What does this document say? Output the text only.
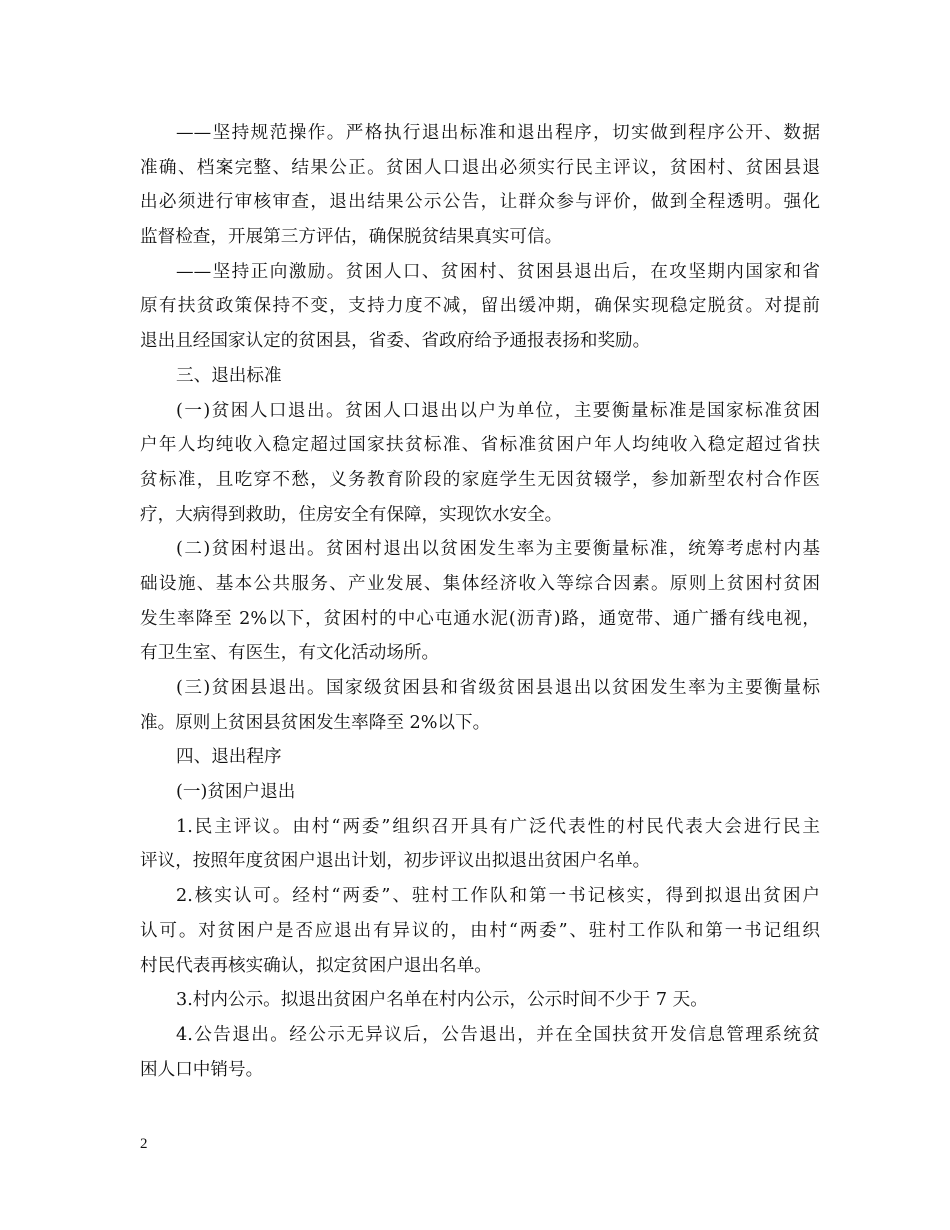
——坚持规范操作。严格执行退出标准和退出程序，切实做到程序公开、数据
准确、档案完整、结果公正。贫困人口退出必须实行民主评议，贫困村、贫困县退
出必须进行审核审查，退出结果公示公告，让群众参与评价，做到全程透明。强化
监督检查，开展第三方评估，确保脱贫结果真实可信。
——坚持正向激励。贫困人口、贫困村、贫困县退出后，在攻坚期内国家和省
原有扶贫政策保持不变，支持力度不减，留出缓冲期，确保实现稳定脱贫。对提前
退出且经国家认定的贫困县，省委、省政府给予通报表扬和奖励。
三、退出标准
(一)贫困人口退出。贫困人口退出以户为单位，主要衡量标准是国家标准贫困
户年人均纯收入稳定超过国家扶贫标准、省标准贫困户年人均纯收入稳定超过省扶
贫标准，且吃穿不愁，义务教育阶段的家庭学生无因贫辍学，参加新型农村合作医
疗，大病得到救助，住房安全有保障，实现饮水安全。
(二)贫困村退出。贫困村退出以贫困发生率为主要衡量标准，统筹考虑村内基
础设施、基本公共服务、产业发展、集体经济收入等综合因素。原则上贫困村贫困
发生率降至 2%以下，贫困村的中心屯通水泥(沥青)路，通宽带、通广播有线电视，
有卫生室、有医生，有文化活动场所。
(三)贫困县退出。国家级贫困县和省级贫困县退出以贫困发生率为主要衡量标
准。原则上贫困县贫困发生率降至 2%以下。
四、退出程序
(一)贫困户退出
1.民主评议。由村“两委”组织召开具有广泛代表性的村民代表大会进行民主
评议，按照年度贫困户退出计划，初步评议出拟退出贫困户名单。
2.核实认可。经村“两委”、驻村工作队和第一书记核实，得到拟退出贫困户
认可。对贫困户是否应退出有异议的，由村“两委”、驻村工作队和第一书记组织
村民代表再核实确认，拟定贫困户退出名单。
3.村内公示。拟退出贫困户名单在村内公示，公示时间不少于 7 天。
4.公告退出。经公示无异议后，公告退出，并在全国扶贫开发信息管理系统贫
困人口中销号。
2
